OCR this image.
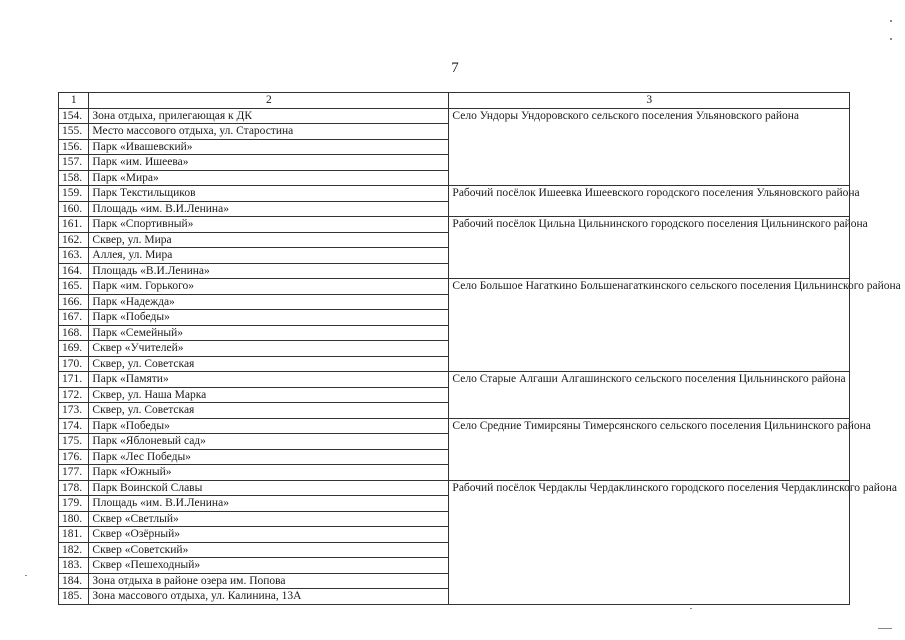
7
1	2	3
154.	Зона отдыха, прилегающая к ДК	Село Ундоры Ундоровского сельского поселения Ульяновского района
155.	Место массового отдыха, ул. Старостина	
156.	Парк «Ивашевский»	
157.	Парк «им. Ишеева»	
158.	Парк «Мира»	
159.	Парк Текстильщиков	Рабочий посёлок Ишеевка Ишеевского городского поселения Ульяновского района
160.	Площадь «им. В.И.Ленина»	
161.	Парк «Спортивный»	Рабочий посёлок Цильна Цильнинского городского поселения Цильнинского района
162.	Сквер, ул. Мира	
163.	Аллея, ул. Мира	
164.	Площадь «В.И.Ленина»	
165.	Парк «им. Горького»	Село Большое Нагаткино Большенагаткинского сельского поселения Цильнинского района
166.	Парк «Надежда»	
167.	Парк «Победы»	
168.	Парк «Семейный»	
169.	Сквер «Учителей»	
170.	Сквер, ул. Советская	
171.	Парк «Памяти»	Село Старые Алгаши Алгашинского сельского поселения Цильнинского района
172.	Сквер, ул. Наша Марка	
173.	Сквер, ул. Советская	
174.	Парк «Победы»	Село Средние Тимирсяны Тимерсянского сельского поселения Цильнинского района
175.	Парк «Яблоневый сад»	
176.	Парк «Лес Победы»	
177.	Парк «Южный»	
178.	Парк Воинской Славы	Рабочий посёлок Чердаклы Чердаклинского городского поселения Чердаклинского района
179.	Площадь «им. В.И.Ленина»	
180.	Сквер «Светлый»	
181.	Сквер «Озёрный»	
182.	Сквер «Советский»	
183.	Сквер «Пешеходный»	
184.	Зона отдыха в районе озера им. Попова	
185.	Зона массового отдыха, ул. Калинина, 13А	
